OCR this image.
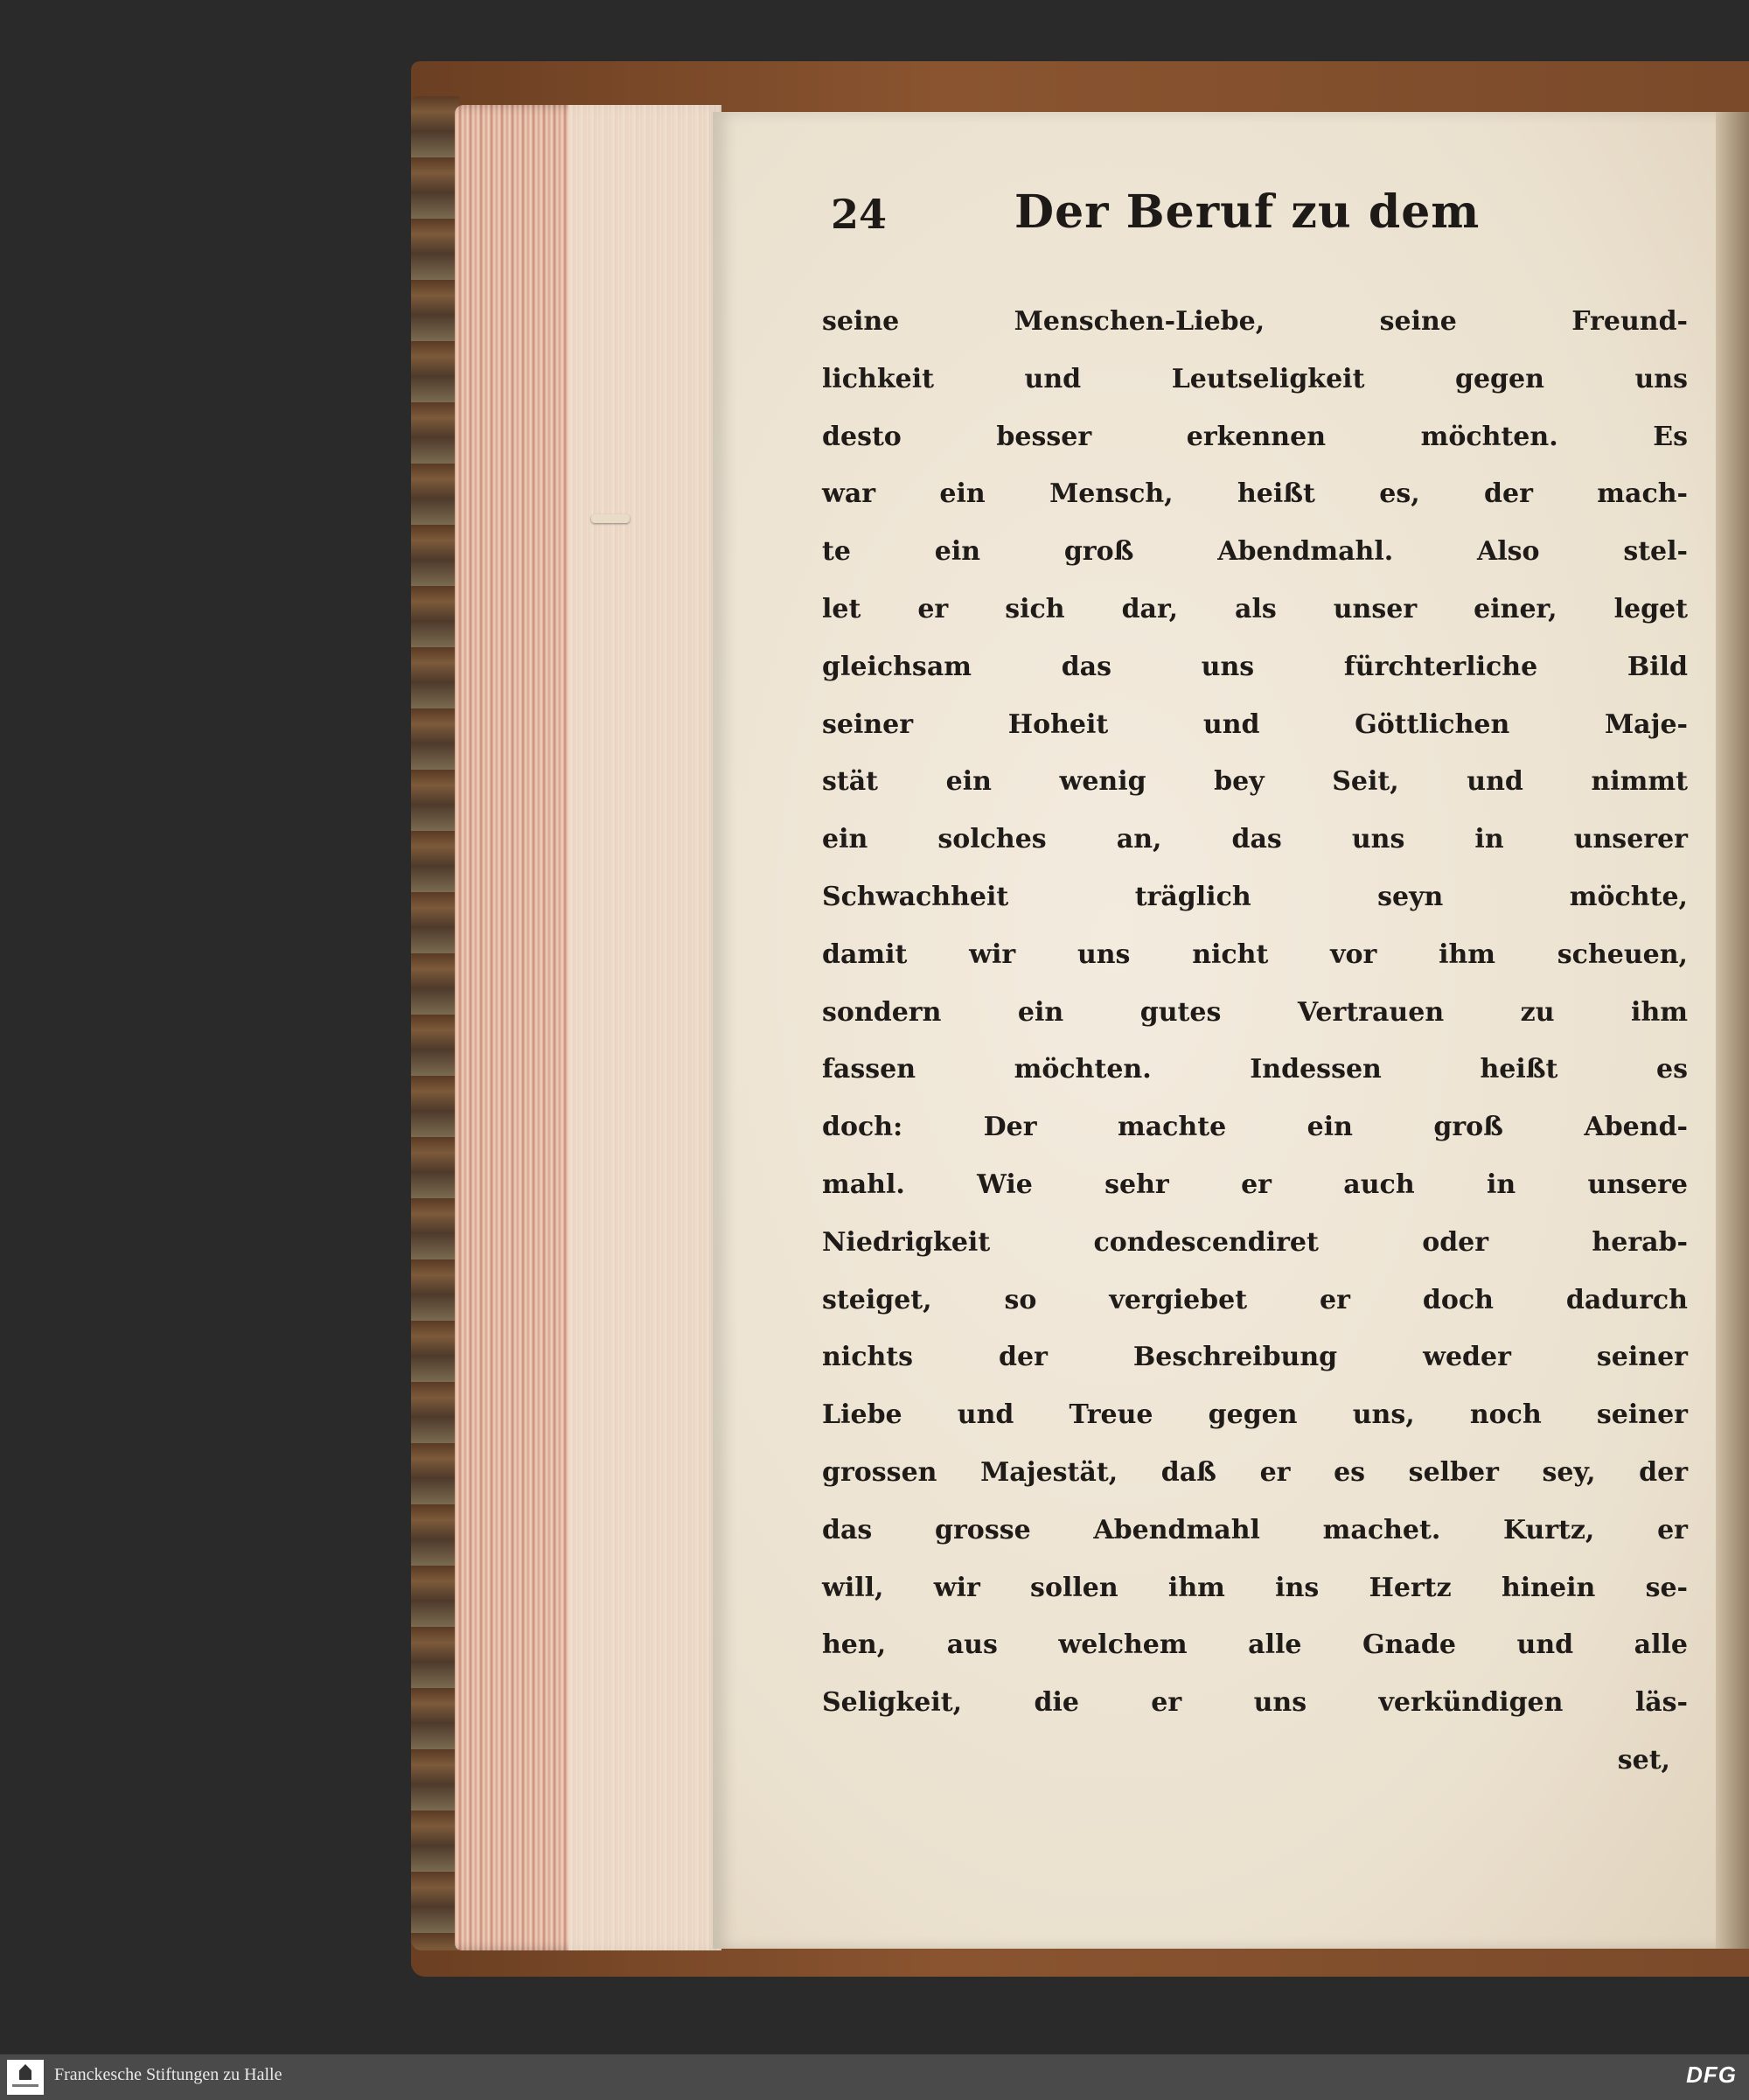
24	Der Beruf zu dem
seine Menschen-Liebe, seine Freund-
lichkeit und Leutseligkeit gegen uns
desto besser erkennen möchten. Es
war ein Mensch, heißt es, der mach-
te ein groß Abendmahl. Also stel-
let er sich dar, als unser einer, leget
gleichsam das uns fürchterliche Bild
seiner Hoheit und Göttlichen Maje-
stät ein wenig bey Seit, und nimmt
ein solches an, das uns in unserer
Schwachheit träglich seyn möchte,
damit wir uns nicht vor ihm scheuen,
sondern ein gutes Vertrauen zu ihm
fassen möchten. Indessen heißt es
doch: Der machte ein groß Abend-
mahl. Wie sehr er auch in unsere
Niedrigkeit condescendiret oder herab-
steiget, so vergiebet er doch dadurch
nichts der Beschreibung weder seiner
Liebe und Treue gegen uns, noch seiner
grossen Majestät, daß er es selber sey, der
das grosse Abendmahl machet. Kurtz, er
will, wir sollen ihm ins Hertz hinein se-
hen, aus welchem alle Gnade und alle
Seligkeit, die er uns verkündigen läs-
set,
Franckesche Stiftungen zu Halle	DFG
